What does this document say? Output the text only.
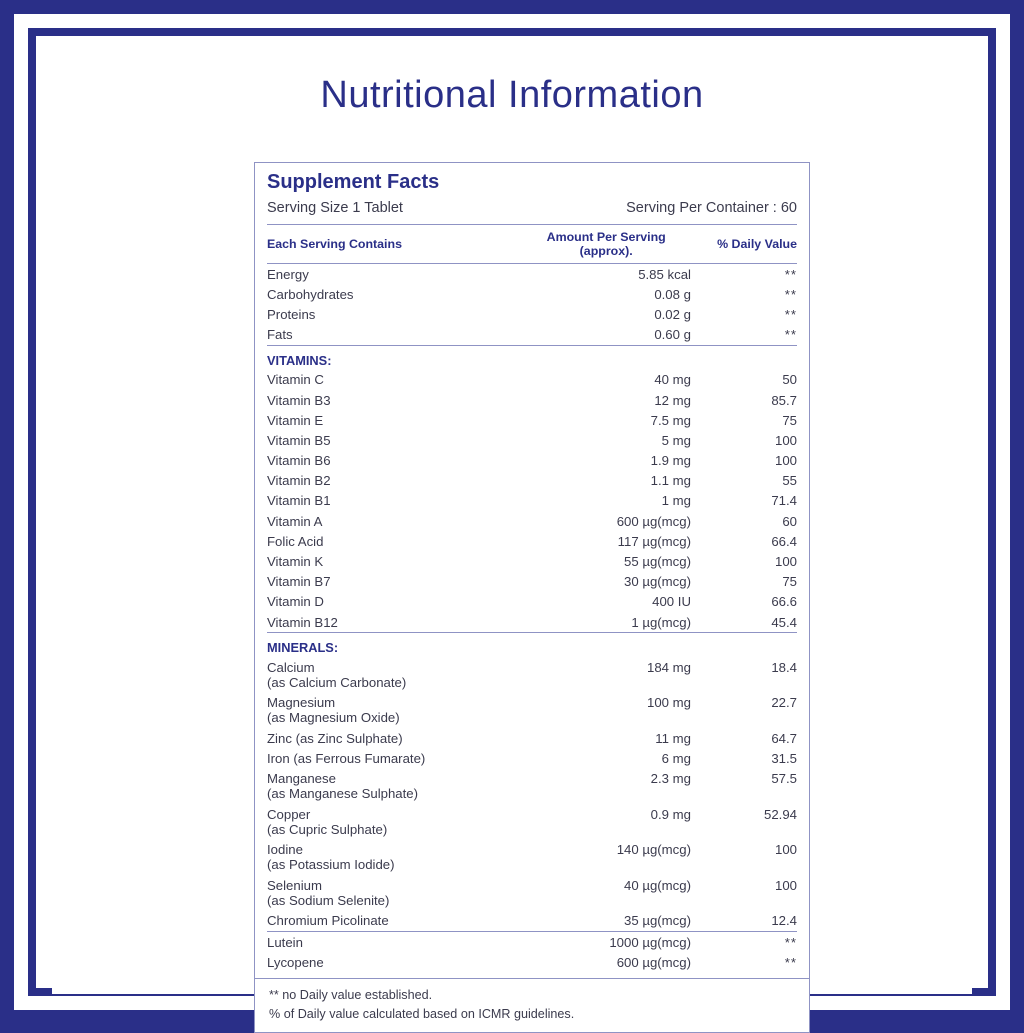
Nutritional Information
Supplement Facts
Serving Size 1 Tablet	Serving Per Container : 60
Each Serving Contains	Amount Per Serving (approx).	% Daily Value

Energy	5.85 kcal	**
Carbohydrates	0.08 g	**
Proteins	0.02 g	**
Fats	0.60 g	**

VITAMINS:		
Vitamin C	40 mg	50
Vitamin B3	12 mg	85.7
Vitamin E	7.5 mg	75
Vitamin B5	5 mg	100
Vitamin B6	1.9 mg	100
Vitamin B2	1.1 mg	55
Vitamin B1	1 mg	71.4
Vitamin A	600 µg(mcg)	60
Folic Acid	117 µg(mcg)	66.4
Vitamin K	55 µg(mcg)	100
Vitamin B7	30 µg(mcg)	75
Vitamin D	400 IU	66.6
Vitamin B12	1 µg(mcg)	45.4

MINERALS:		

Calcium
(as Calcium Carbonate)	184 mg	18.4

Magnesium
(as Magnesium Oxide)	100 mg	22.7
Zinc (as Zinc Sulphate)	11 mg	64.7
Iron (as Ferrous Fumarate)	6 mg	31.5

Manganese
(as Manganese Sulphate)	2.3 mg	57.5

Copper
(as Cupric Sulphate)	0.9 mg	52.94

Iodine
(as Potassium Iodide)	140 µg(mcg)	100

Selenium
(as Sodium Selenite)	40 µg(mcg)	100
Chromium Picolinate	35 µg(mcg)	12.4

Lutein	1000 µg(mcg)	**
Lycopene	600 µg(mcg)	**
** no Daily value established.
% of Daily value calculated based on ICMR guidelines.
